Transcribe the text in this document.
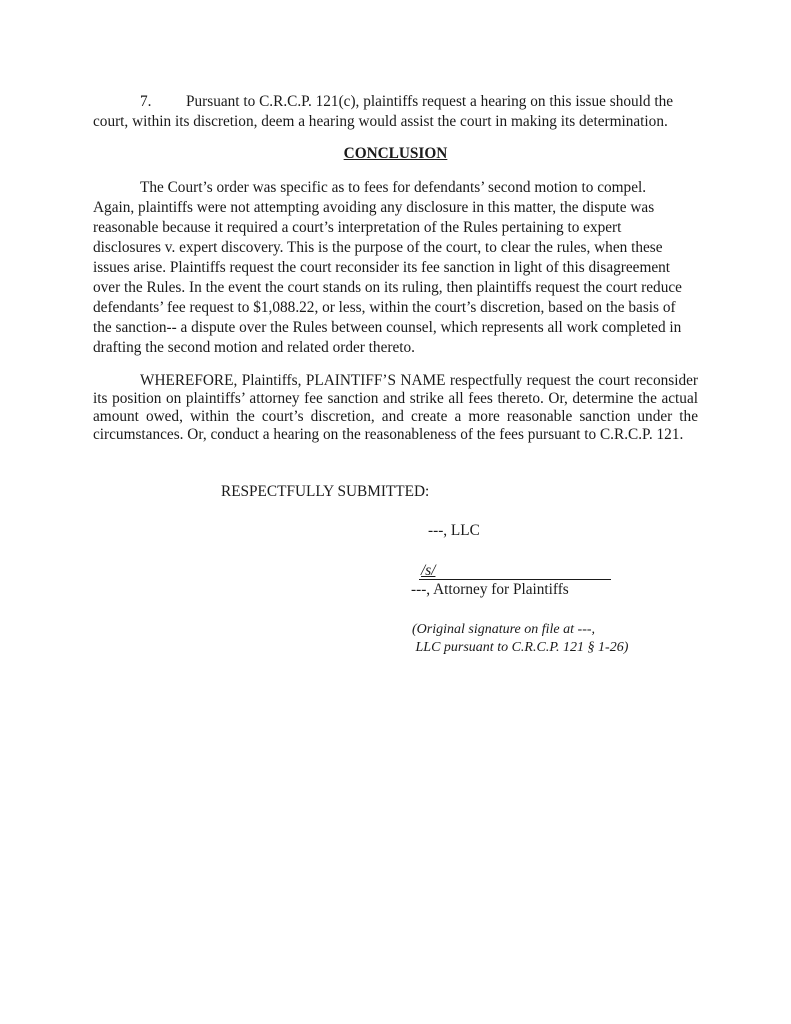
7. Pursuant to C.R.C.P. 121(c), plaintiffs request a hearing on this issue should the
court, within its discretion, deem a hearing would assist the court in making its determination.
CONCLUSION
The Court’s order was specific as to fees for defendants’ second motion to compel.
Again, plaintiffs were not attempting avoiding any disclosure in this matter, the dispute was
reasonable because it required a court’s interpretation of the Rules pertaining to expert
disclosures v. expert discovery. This is the purpose of the court, to clear the rules, when these
issues arise. Plaintiffs request the court reconsider its fee sanction in light of this disagreement
over the Rules. In the event the court stands on its ruling, then plaintiffs request the court reduce
defendants’ fee request to $1,088.22, or less, within the court’s discretion, based on the basis of
the sanction-- a dispute over the Rules between counsel, which represents all work completed in
drafting the second motion and related order thereto.
WHEREFORE, Plaintiffs, PLAINTIFF’S NAME respectfully request the court reconsider its position on plaintiffs’ attorney fee sanction and strike all fees thereto. Or, determine the actual amount owed, within the court’s discretion, and create a more reasonable sanction under the circumstances. Or, conduct a hearing on the reasonableness of the fees pursuant to C.R.C.P. 121.
RESPECTFULLY SUBMITTED:
---, LLC
/s/
---, Attorney for Plaintiffs
(Original signature on file at ---,
LLC pursuant to C.R.C.P. 121 § 1-26)
